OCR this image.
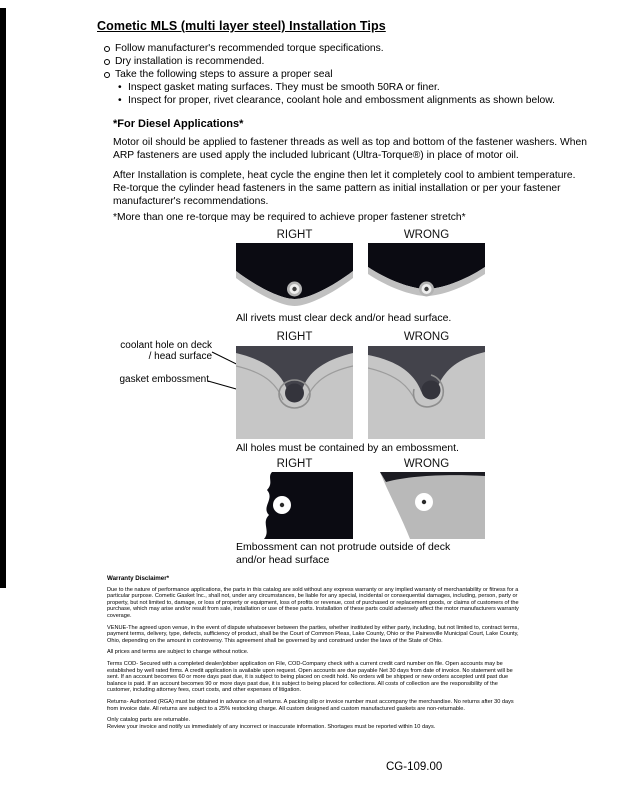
Cometic MLS (multi layer steel) Installation Tips
Follow manufacturer's recommended torque specifications.
Dry installation is recommended.
Take the following steps to assure a proper seal
• Inspect gasket mating surfaces. They must be smooth 50RA or finer.
• Inspect for proper, rivet clearance, coolant hole and embossment alignments as shown below.
*For Diesel Applications*

Motor oil should be applied to fastener threads as well as top and bottom of the fastener washers. When ARP fasteners are used apply the included lubricant (Ultra-Torque®) in place of motor oil.

After Installation is complete, heat cycle the engine then let it completely cool to ambient temperature. Re-torque the cylinder head fasteners in the same pattern as initial installation or per your fastener manufacturer's recommendations.

*More than one re-torque may be required to achieve proper fastener stretch*

RIGHT	WRONG
All rivets must clear deck and/or head surface.
RIGHT	WRONG
coolant hole on deck / head surface
gasket embossment
All holes must be contained by an embossment.
RIGHT	WRONG
Embossment can not protrude outside of deck and/or head surface
Warranty Disclaimer*

Due to the nature of performance applications, the parts in this catalog are sold without any express warranty or any implied warranty of merchantability or fitness for a particular purpose. Cometic Gasket Inc., shall not, under any circumstances, be liable for any special, incidental or consequential damages, including, person, party or property, but not limited to, damage, or loss of property or equipment, loss of profits or revenue, cost of purchased or replacement goods, or claims of customers of the purchase, which may arise and/or result from sale, installation or use of these parts. Installation of these parts could adversely affect the motor manufacturers warranty coverage.

VENUE-The agreed upon venue, in the event of dispute whatsoever between the parties, whether instituted by either party, including, but not limited to, contract terms, payment terms, delivery, type, defects, sufficiency of product, shall be the Court of Common Pleas, Lake County, Ohio or the Painesville Municipal Court, Lake County, Ohio, depending on the amount in controversy. This agreement shall be governed by and construed under the laws of the State of Ohio.

All prices and terms are subject to change without notice.

Terms COD- Secured with a completed dealer/jobber application on File, COD-Company check with a current credit card number on file. Open accounts may be established by well rated firms. A credit application is available upon request. Open accounts are due payable Net 30 days from date of invoice. No statement will be sent. If an account becomes 60 or more days past due, it is subject to being placed on credit hold. No orders will be shipped or new orders accepted until past due balance is paid. If an account becomes 90 or more days past due, it is subject to being placed for collections. All costs of collection are the responsibility of the customer, including attorney fees, court costs, and other expenses of litigation.

Returns- Authorized (RGA) must be obtained in advance on all returns. A packing slip or invoice number must accompany the merchandise. No returns after 30 days from invoice date. All returns are subject to a 25% restocking charge. All custom designed and custom manufactured gaskets are non-returnable.

Only catalog parts are returnable.

Review your invoice and notify us immediately of any incorrect or inaccurate information. Shortages must be reported within 10 days.

CG-109.00
